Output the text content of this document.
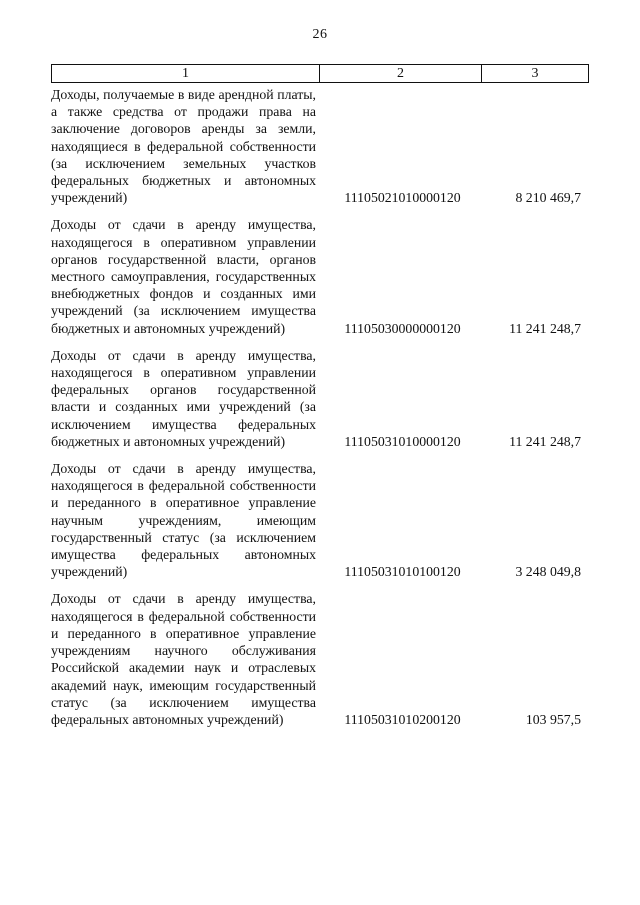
26
1	2	3
Доходы, получаемые в виде арендной платы, а также средства от продажи права на заключение договоров аренды за земли, находящиеся в федеральной собственности (за исключением земельных участков федеральных бюджетных и автономных учреждений)	11105021010000120	8 210 469,7
Доходы от сдачи в аренду имущества, находящегося в оперативном управлении органов государственной власти, органов местного самоуправления, государственных внебюджетных фондов и созданных ими учреждений (за исключением имущества бюджетных и автономных учреждений)	11105030000000120	11 241 248,7
Доходы от сдачи в аренду имущества, находящегося в оперативном управлении федеральных органов государственной власти и созданных ими учреждений (за исключением имущества федеральных бюджетных и автономных учреждений)	11105031010000120	11 241 248,7
Доходы от сдачи в аренду имущества, находящегося в федеральной собственности и переданного в оперативное управление научным учреждениям, имеющим государственный статус (за исключением имущества федеральных автономных учреждений)	11105031010100120	3 248 049,8
Доходы от сдачи в аренду имущества, находящегося в федеральной собственности и переданного в оперативное управление учреждениям научного обслуживания Российской академии наук и отраслевых академий наук, имеющим государственный статус (за исключением имущества федеральных автономных учреждений)	11105031010200120	103 957,5
